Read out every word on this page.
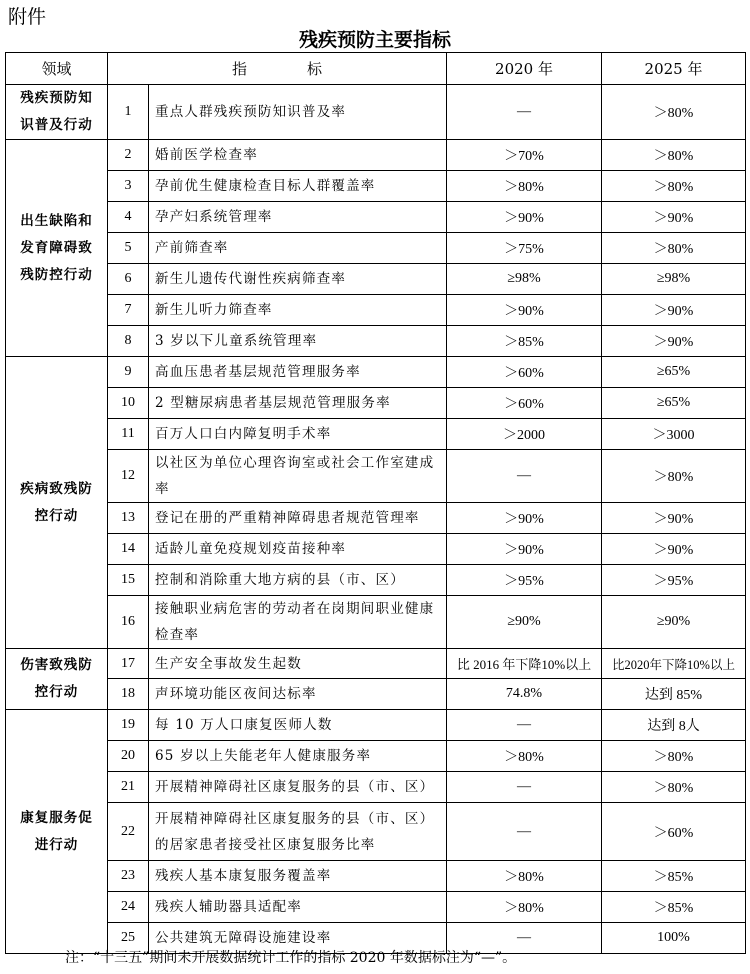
附件
残疾预防主要指标
领域	指　　　　标		2020 年	2025 年
残疾预防知识普及行动	1	重点人群残疾预防知识普及率	—	＞80%
出生缺陷和发育障碍致残防控行动	2	婚前医学检查率	＞70%	＞80%
	3	孕前优生健康检查目标人群覆盖率	＞80%	＞80%
	4	孕产妇系统管理率	＞90%	＞90%
	5	产前筛查率	＞75%	＞80%
	6	新生儿遗传代谢性疾病筛查率	≥98%	≥98%
	7	新生儿听力筛查率	＞90%	＞90%
	8	3 岁以下儿童系统管理率	＞85%	＞90%
疾病致残防控行动	9	高血压患者基层规范管理服务率	＞60%	≥65%
	10	2 型糖尿病患者基层规范管理服务率	＞60%	≥65%
	11	百万人口白内障复明手术率	＞2000	＞3000
	12	以社区为单位心理咨询室或社会工作室建成率	—	＞80%
	13	登记在册的严重精神障碍患者规范管理率	＞90%	＞90%
	14	适龄儿童免疫规划疫苗接种率	＞90%	＞90%
	15	控制和消除重大地方病的县（市、区）	＞95%	＞95%
	16	接触职业病危害的劳动者在岗期间职业健康检查率	≥90%	≥90%
伤害致残防控行动	17	生产安全事故发生起数	比 2016 年下降10%以上	比2020年下降10%以上
	18	声环境功能区夜间达标率	74.8%	达到 85%
康复服务促进行动	19	每 10 万人口康复医师人数	—	达到 8人
	20	65 岁以上失能老年人健康服务率	＞80%	＞80%
	21	开展精神障碍社区康复服务的县（市、区）	—	＞80%
	22	开展精神障碍社区康复服务的县（市、区）的居家患者接受社区康复服务比率	—	＞60%
	23	残疾人基本康复服务覆盖率	＞80%	＞85%
	24	残疾人辅助器具适配率	＞80%	＞85%
	25	公共建筑无障碍设施建设率	—	100%
注：“十三五”期间未开展数据统计工作的指标 2020 年数据标注为“—”。
